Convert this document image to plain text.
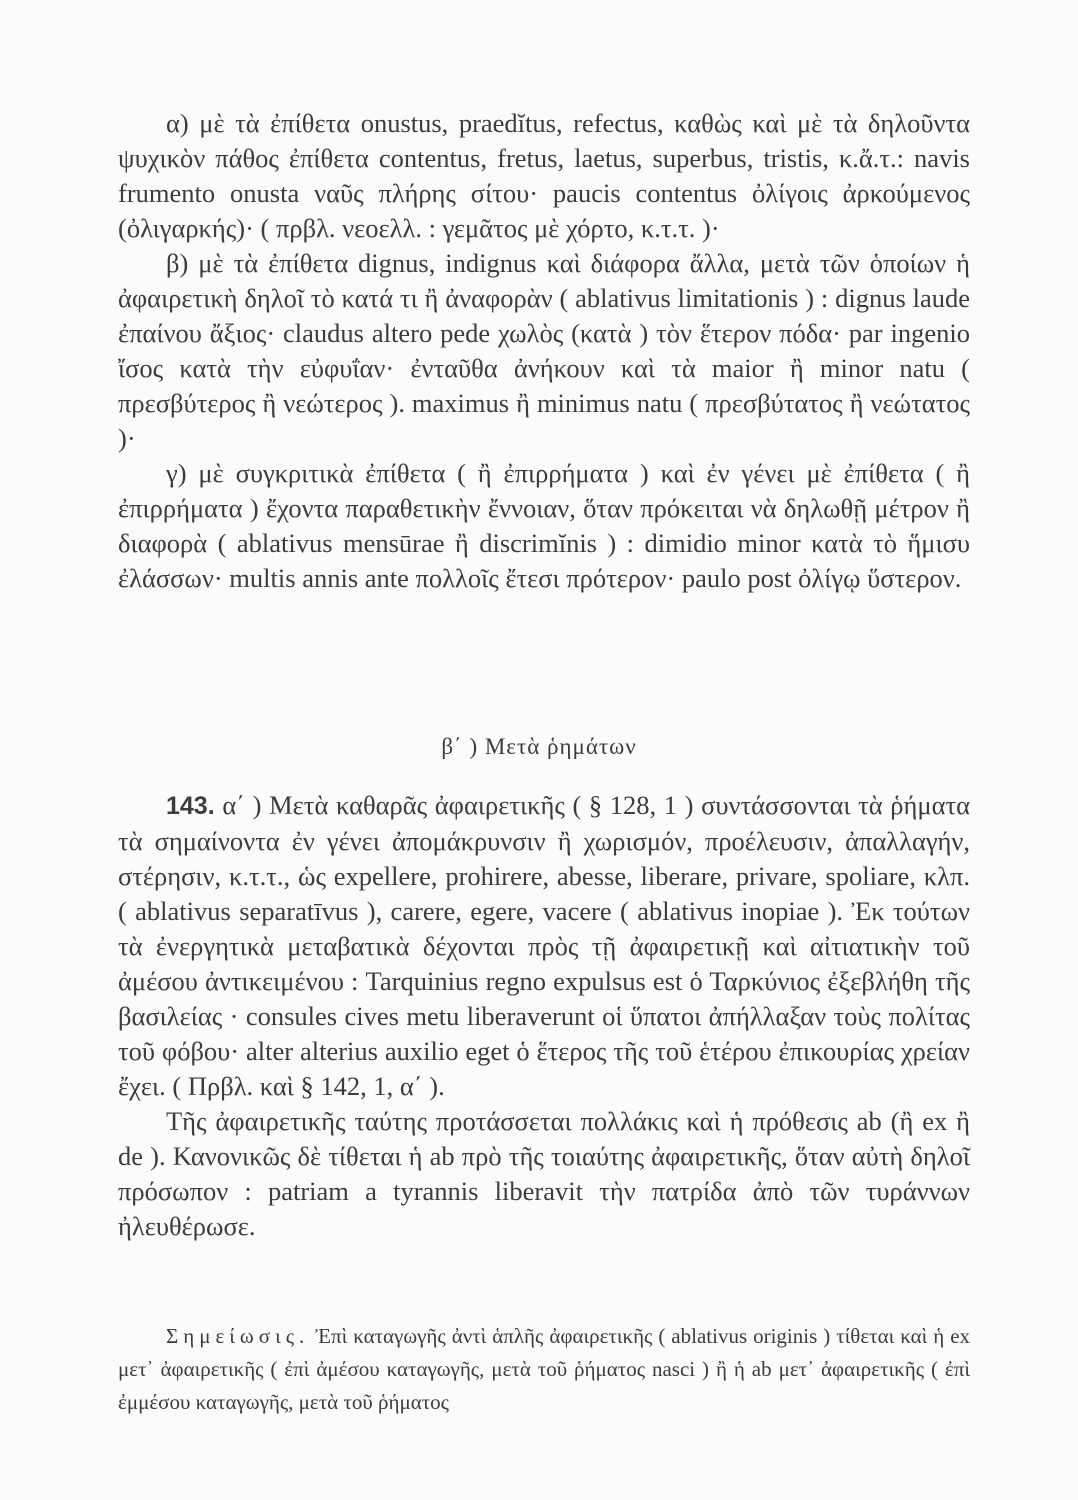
α) μὲ τὰ ἐπίθετα onustus, praedĭtus, refectus, καθὼς καὶ μὲ τὰ δηλοῦντα ψυχικὸν πάθος ἐπίθετα contentus, fretus, laetus, superbus, tristis, κ.ἄ.τ.: navis frumento onusta ναῦς πλήρης σίτου· paucis contentus ὀλίγοις ἀρκούμενος (ὀλιγαρκής)· ( πρβλ. νεοελλ. : γεμᾶτος μὲ χόρτο, κ.τ.τ. )·

β) μὲ τὰ ἐπίθετα dignus, indignus καὶ διάφορα ἄλλα, μετὰ τῶν ὁποίων ἡ ἀφαιρετικὴ δηλοῖ τὸ κατά τι ἢ ἀναφορὰν ( ablativus limitationis ) : dignus laude ἐπαίνου ἄξιος· claudus altero pede χωλὸς (κατὰ ) τὸν ἕτερον πόδα· par ingenio ἴσος κατὰ τὴν εὐφυΐαν· ἐνταῦθα ἀνήκουν καὶ τὰ maior ἢ minor natu ( πρεσβύτερος ἢ νεώτερος ). maximus ἢ minimus natu ( πρεσβύτατος ἢ νεώτατος )·

γ) μὲ συγκριτικὰ ἐπίθετα ( ἢ ἐπιρρήματα ) καὶ ἐν γένει μὲ ἐπίθετα ( ἢ ἐπιρρήματα ) ἔχοντα παραθετικὴν ἔννοιαν, ὅταν πρόκειται νὰ δηλωθῇ μέτρον ἢ διαφορὰ ( ablativus mensūrae ἢ discrimĭnis ) : dimidio minor κατὰ τὸ ἥμισυ ἐλάσσων· multis annis ante πολλοῖς ἔτεσι πρότερον· paulo post ὀλίγῳ ὕστερον.

β΄ ) Μετὰ ῥημάτων

143. α΄ ) Μετὰ καθαρᾶς ἀφαιρετικῆς ( § 128, 1 ) συντάσσονται τὰ ῥήματα τὰ σημαίνοντα ἐν γένει ἀπομάκρυνσιν ἢ χωρισμόν, προέλευσιν, ἀπαλλαγήν, στέρησιν, κ.τ.τ., ὡς expellere, prohirere, abesse, liberare, privare, spoliare, κλπ. ( ablativus separatīvus ), carere, egere, vacere ( ablativus inopiae ). Ἐκ τούτων τὰ ἐνεργητικὰ μεταβατικὰ δέχονται πρὸς τῇ ἀφαιρετικῇ καὶ αἰτιατικὴν τοῦ ἀμέσου ἀντικειμένου : Tarquinius regno expulsus est ὁ Ταρκύνιος ἐξεβλήθη τῆς βασιλείας · consules cives metu liberaverunt οἱ ὕπατοι ἀπήλλαξαν τοὺς πολίτας τοῦ φόβου· alter alterius auxilio eget ὁ ἕτερος τῆς τοῦ ἑτέρου ἐπικουρίας χρείαν ἔχει. ( Πρβλ. καὶ § 142, 1, α΄ ).

Τῆς ἀφαιρετικῆς ταύτης προτάσσεται πολλάκις καὶ ἡ πρόθεσις ab (ἢ ex ἢ de ). Κανονικῶς δὲ τίθεται ἡ ab πρὸ τῆς τοιαύτης ἀφαιρετικῆς, ὅταν αὐτὴ δηλοῖ πρόσωπον : patriam a tyrannis liberavit τὴν πατρίδα ἀπὸ τῶν τυράννων ἠλευθέρωσε.

Σημείωσις. Ἐπὶ καταγωγῆς ἀντὶ ἁπλῆς ἀφαιρετικῆς ( ablativus originis ) τίθεται καὶ ἡ ex μετ᾽ ἀφαιρετικῆς ( ἐπὶ ἀμέσου καταγωγῆς, μετὰ τοῦ ῥήματος nasci ) ἢ ἡ ab μετ᾽ ἀφαιρετικῆς ( ἐπὶ ἐμμέσου καταγωγῆς, μετὰ τοῦ ῥήματος
